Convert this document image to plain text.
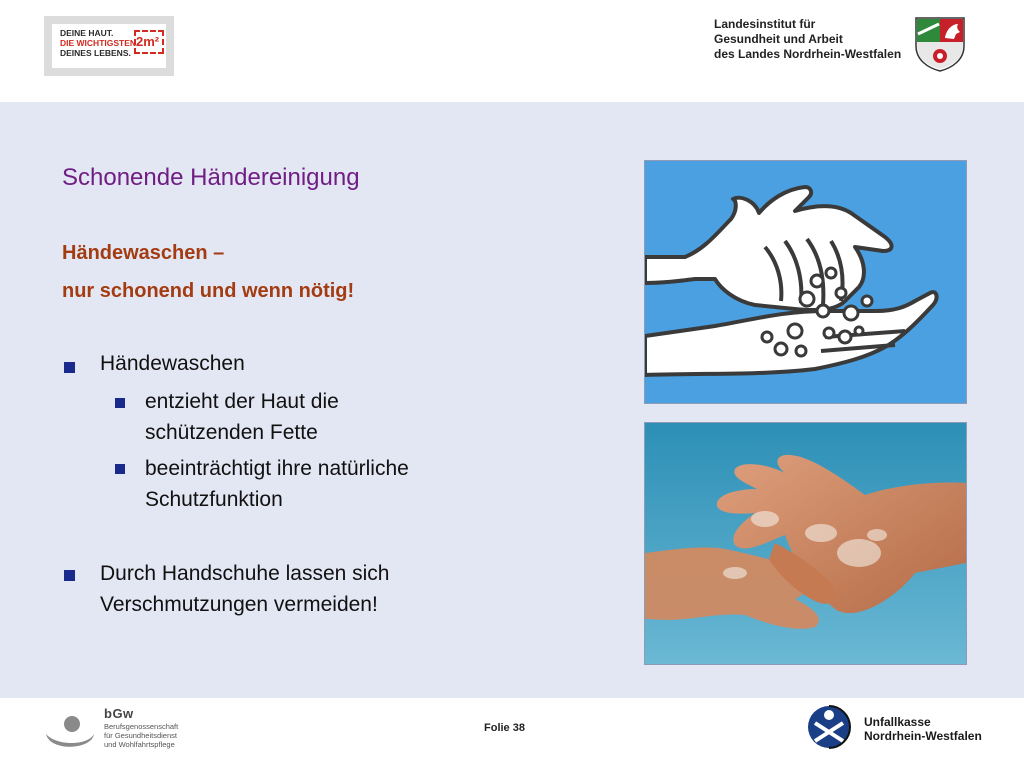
DEINE HAUT.
DIE WICHTIGSTEN
DEINES LEBENS.
2m²
Landesinstitut für
Gesundheit und Arbeit
des Landes Nordrhein-Westfalen
Schonende Händereinigung
Händewaschen –
nur schonend und wenn nötig!
Händewaschen
entzieht der Haut die
schützenden Fette
beeinträchtigt ihre natürliche
Schutzfunktion
Durch Handschuhe lassen sich
Verschmutzungen vermeiden!
bGw
Berufsgenossenschaft
für Gesundheitsdienst
und Wohlfahrtspflege
Folie 38	Unfallkasse
Nordrhein-Westfalen
